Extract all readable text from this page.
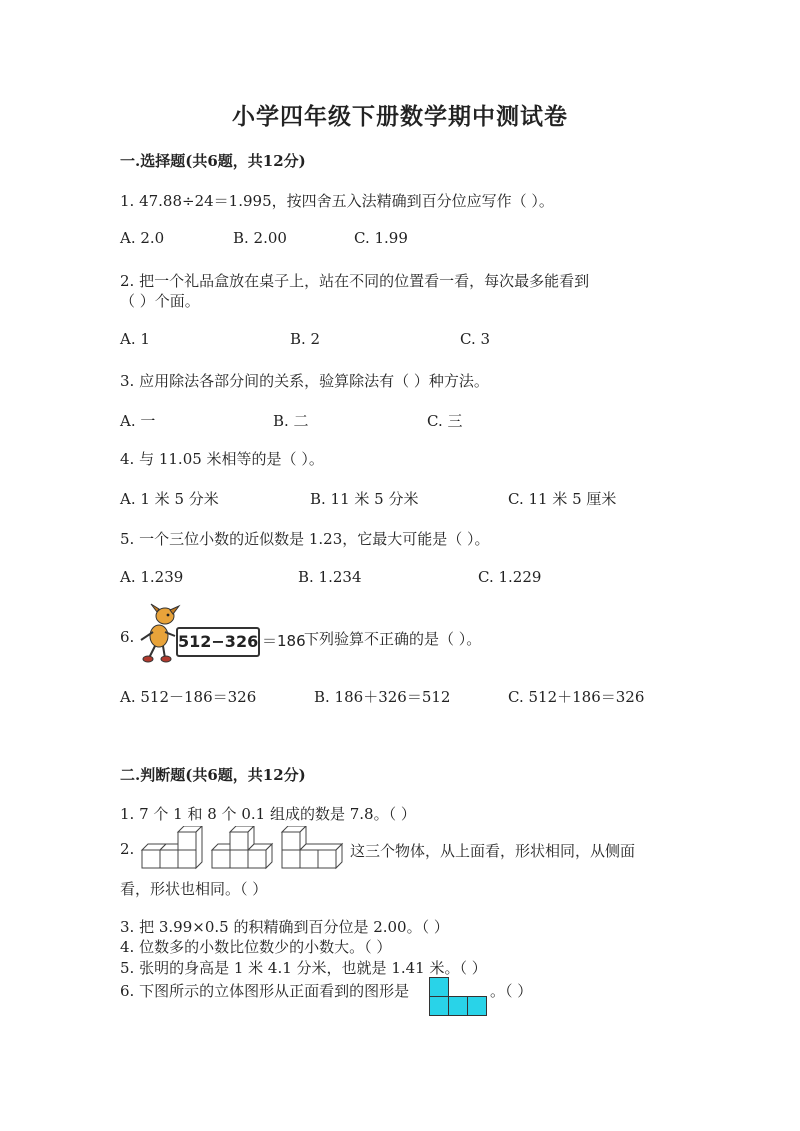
小学四年级下册数学期中测试卷
一.选择题(共6题，共12分)
1. 47.88÷24＝1.995，按四舍五入法精确到百分位应写作（ ）。
A. 2.0	B. 2.00	C. 1.99
2. 把一个礼品盒放在桌子上，站在不同的位置看一看，每次最多能看到
（ ）个面。
A. 1	B. 2	C. 3
3. 应用除法各部分间的关系，验算除法有（ ）种方法。
A. 一	B. 二	C. 三
4. 与 11.05 米相等的是（ ）。
A. 1 米 5 分米	B. 11 米 5 分米	C. 11 米 5 厘米
5. 一个三位小数的近似数是 1.23，它最大可能是（ ）。
A. 1.239	B. 1.234	C. 1.229
6.	512−326 ＝186
下列验算不正确的是（ ）。
A. 512－186＝326	B. 186＋326＝512	C. 512＋186＝326
二.判断题(共6题，共12分)
1. 7 个 1 和 8 个 0.1 组成的数是 7.8。（ ）
2.	这三个物体，从上面看，形状相同，从侧面
看，形状也相同。（ ）
3. 把 3.99×0.5 的积精确到百分位是 2.00。（ ）
4. 位数多的小数比位数少的小数大。（ ）
5. 张明的身高是 1 米 4.1 分米，也就是 1.41 米。（ ）
6. 下图所示的立体图形从正面看到的图形是	。（ ）
